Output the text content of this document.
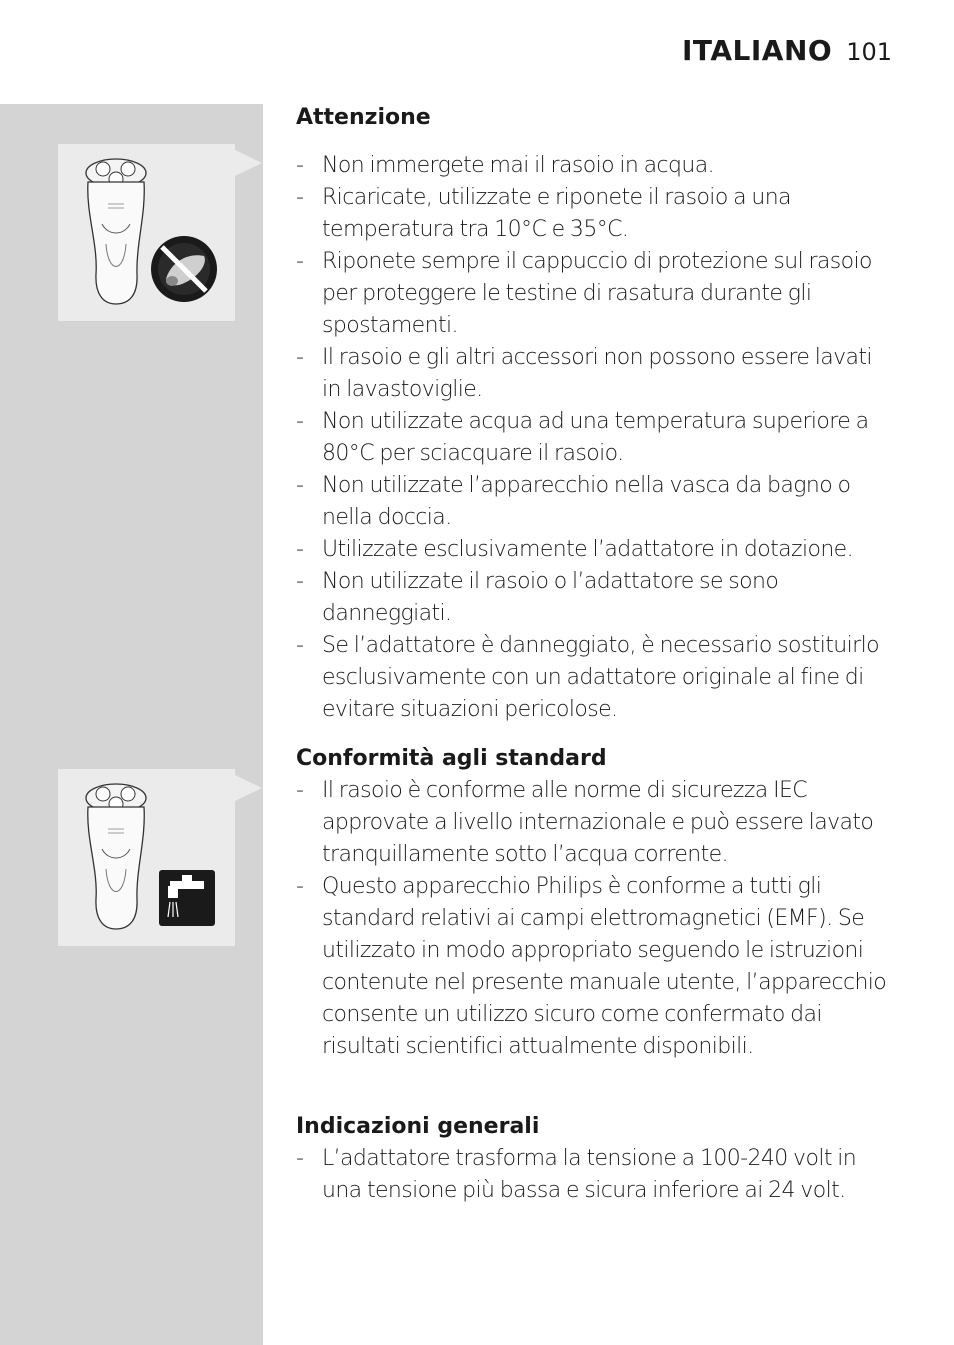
ITALIANO 101
Attenzione
- Non immergete mai il rasoio in acqua.
- Ricaricate, utilizzate e riponete il rasoio a una temperatura tra 10°C e 35°C.
- Riponete sempre il cappuccio di protezione sul rasoio per proteggere le testine di rasatura durante gli spostamenti.
- Il rasoio e gli altri accessori non possono essere lavati in lavastoviglie.
- Non utilizzate acqua ad una temperatura superiore a 80°C per sciacquare il rasoio.
- Non utilizzate l’apparecchio nella vasca da bagno o nella doccia.
- Utilizzate esclusivamente l’adattatore in dotazione.
- Non utilizzate il rasoio o l’adattatore se sono danneggiati.
- Se l’adattatore è danneggiato, è necessario sostituirlo esclusivamente con un adattatore originale al fine di evitare situazioni pericolose.
Conformità agli standard
- Il rasoio è conforme alle norme di sicurezza IEC approvate a livello internazionale e può essere lavato tranquillamente sotto l’acqua corrente.
- Questo apparecchio Philips è conforme a tutti gli standard relativi ai campi elettromagnetici (EMF). Se utilizzato in modo appropriato seguendo le istruzioni contenute nel presente manuale utente, l’apparecchio consente un utilizzo sicuro come confermato dai risultati scientifici attualmente disponibili.
Indicazioni generali
- L’adattatore trasforma la tensione a 100-240 volt in una tensione più bassa e sicura inferiore ai 24 volt.
